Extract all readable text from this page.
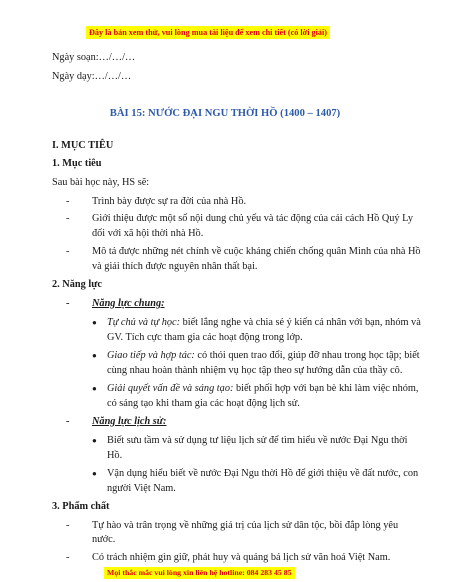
Đây là bản xem thử, vui lòng mua tài liệu để xem chi tiết (có lời giải)
Ngày soạn:…/…/…
Ngày dạy:…/…/…
BÀI 15: NƯỚC ĐẠI NGU THỜI HỒ (1400 – 1407)
I. MỤC TIÊU
1. Mục tiêu
Sau bài học này, HS sẽ:
- Trình bày được sự ra đời của nhà Hồ.
- Giới thiệu được một số nội dung chủ yếu và tác động của cải cách Hồ Quý Ly
đối với xã hội thời nhà Hồ.
- Mô tả được những nét chính về cuộc kháng chiến chống quân Minh của nhà Hồ
và giải thích được nguyên nhân thất bại.
2. Năng lực
- Năng lực chung:
● Tự chủ và tự học: biết lắng nghe và chia sẻ ý kiến cá nhân với bạn, nhóm và
GV. Tích cực tham gia các hoạt động trong lớp.
● Giao tiếp và hợp tác: có thói quen trao đổi, giúp đỡ nhau trong học tập; biết
cùng nhau hoàn thành nhiệm vụ học tập theo sự hướng dẫn của thầy cô.
● Giải quyết vấn đề và sáng tạo: biết phối hợp với bạn bè khi làm việc nhóm,
có sáng tạo khi tham gia các hoạt động lịch sử.
- Năng lực lịch sử:
● Biết sưu tầm và sử dụng tư liệu lịch sử để tìm hiểu về nước Đại Ngu thời
Hồ.
● Vận dụng hiểu biết về nước Đại Ngu thời Hồ để giới thiệu về đất nước, con
người Việt Nam.
3. Phẩm chất
- Tự hào và trân trọng về những giá trị của lịch sử dân tộc, bồi đắp lòng yêu
nước.
- Có trách nhiệm gìn giữ, phát huy và quảng bá lịch sử văn hoá Việt Nam.
Mọi thắc mắc vui lòng xin liên hệ hotline: 084 283 45 85
